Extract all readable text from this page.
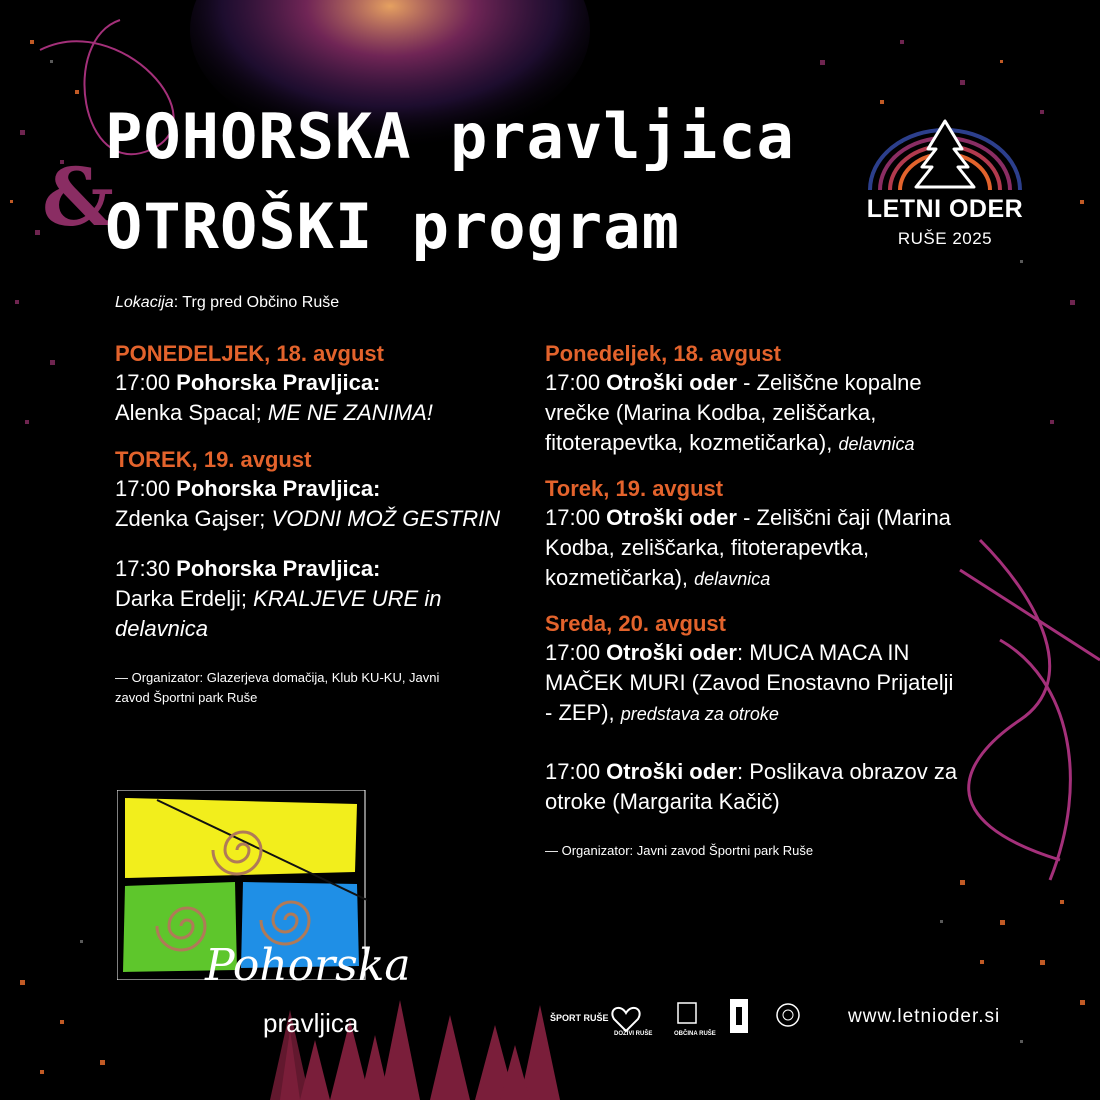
POHORSKA pravljica
&
OTROŠKI program	LETNI ODER
RUŠE 2025
Lokacija: Trg pred Občino Ruše
PONEDELJEK, 18. avgust
17:00 Pohorska Pravljica:
Alenka Spacal; ME NE ZANIMA!
TOREK, 19. avgust
17:00 Pohorska Pravljica:
Zdenka Gajser; VODNI MOŽ GESTRIN
17:30 Pohorska Pravljica:
Darka Erdelji; KRALJEVE URE in delavnica
— Organizator: Glazerjeva domačija, Klub KU-KU, Javni zavod Športni park Ruše
Ponedeljek, 18. avgust
17:00 Otroški oder - Zeliščne kopalne vrečke (Marina Kodba, zeliščarka, fitoterapevtka, kozmetičarka), delavnica
Torek, 19. avgust
17:00 Otroški oder - Zeliščni čaji (Marina Kodba, zeliščarka, fitoterapevtka, kozmetičarka), delavnica
Sreda, 20. avgust
17:00 Otroški oder: MUCA MACA IN MAČEK MURI (Zavod Enostavno Prijatelji - ZEP), predstava za otroke
17:00 Otroški oder: Poslikava obrazov za otroke (Margarita Kačič)
— Organizator: Javni zavod Športni park Ruše
Pohorska
pravljica	ŠPORT RUŠE
DOŽIVI RUŠE	OBČINA RUŠE
www.letnioder.si
